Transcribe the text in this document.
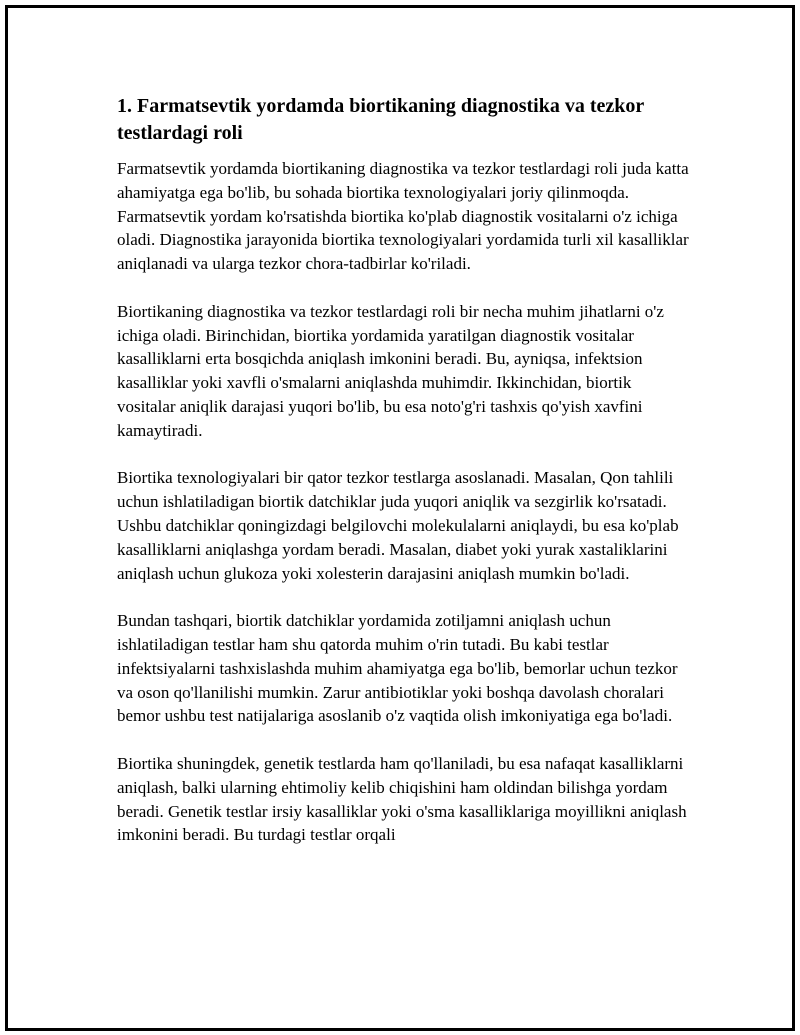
1. Farmatsevtik yordamda biortikaning diagnostika va tezkor testlardagi roli

Farmatsevtik yordamda biortikaning diagnostika va tezkor testlardagi roli juda katta ahamiyatga ega bo'lib, bu sohada biortika texnologiyalari joriy qilinmoqda. Farmatsevtik yordam ko'rsatishda biortika ko'plab diagnostik vositalarni o'z ichiga oladi. Diagnostika jarayonida biortika texnologiyalari yordamida turli xil kasalliklar aniqlanadi va ularga tezkor chora-tadbirlar ko'riladi.

Biortikaning diagnostika va tezkor testlardagi roli bir necha muhim jihatlarni o'z ichiga oladi. Birinchidan, biortika yordamida yaratilgan diagnostik vositalar kasalliklarni erta bosqichda aniqlash imkonini beradi. Bu, ayniqsa, infektsion kasalliklar yoki xavfli o'smalarni aniqlashda muhimdir. Ikkinchidan, biortik vositalar aniqlik darajasi yuqori bo'lib, bu esa noto'g'ri tashxis qo'yish xavfini kamaytiradi.

Biortika texnologiyalari bir qator tezkor testlarga asoslanadi. Masalan, Qon tahlili uchun ishlatiladigan biortik datchiklar juda yuqori aniqlik va sezgirlik ko'rsatadi. Ushbu datchiklar qoningizdagi belgilovchi molekulalarni aniqlaydi, bu esa ko'plab kasalliklarni aniqlashga yordam beradi. Masalan, diabet yoki yurak xastaliklarini aniqlash uchun glukoza yoki xolesterin darajasini aniqlash mumkin bo'ladi.

Bundan tashqari, biortik datchiklar yordamida zotiljamni aniqlash uchun ishlatiladigan testlar ham shu qatorda muhim o'rin tutadi. Bu kabi testlar infektsiyalarni tashxislashda muhim ahamiyatga ega bo'lib, bemorlar uchun tezkor va oson qo'llanilishi mumkin. Zarur antibiotiklar yoki boshqa davolash choralari bemor ushbu test natijalariga asoslanib o'z vaqtida olish imkoniyatiga ega bo'ladi.

Biortika shuningdek, genetik testlarda ham qo'llaniladi, bu esa nafaqat kasalliklarni aniqlash, balki ularning ehtimoliy kelib chiqishini ham oldindan bilishga yordam beradi. Genetik testlar irsiy kasalliklar yoki o'sma kasalliklariga moyillikni aniqlash imkonini beradi. Bu turdagi testlar orqali
